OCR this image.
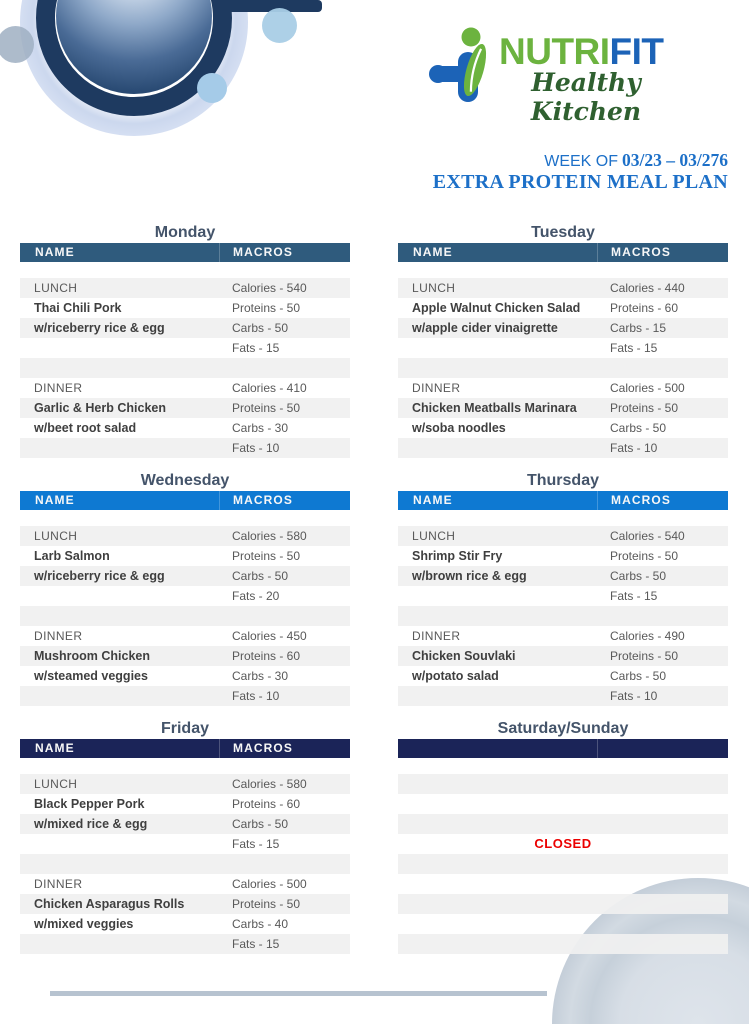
NUTRIFIT
Healthy Kitchen
WEEK OF 03/23 – 03/276
EXTRA PROTEIN MEAL PLAN
Monday
NAME	MACROS
LUNCH	Calories - 540
Thai Chili Pork	Proteins - 50
w/riceberry rice & egg	Carbs - 50
Fats - 15
DINNER	Calories - 410
Garlic & Herb Chicken	Proteins - 50
w/beet root salad	Carbs - 30
Fats - 10
Tuesday
NAME	MACROS
LUNCH	Calories - 440
Apple Walnut Chicken Salad	Proteins - 60
w/apple cider vinaigrette	Carbs - 15
Fats - 15
DINNER	Calories - 500
Chicken Meatballs Marinara	Proteins - 50
w/soba noodles	Carbs - 50
Fats - 10
Wednesday
NAME	MACROS
LUNCH	Calories - 580
Larb Salmon	Proteins - 50
w/riceberry rice & egg	Carbs - 50
Fats - 20
DINNER	Calories - 450
Mushroom Chicken	Proteins - 60
w/steamed veggies	Carbs - 30
Fats - 10
Thursday
NAME	MACROS
LUNCH	Calories - 540
Shrimp Stir Fry	Proteins - 50
w/brown rice & egg	Carbs - 50
Fats - 15
DINNER	Calories - 490
Chicken Souvlaki	Proteins - 50
w/potato salad	Carbs - 50
Fats - 10
Friday
NAME	MACROS
LUNCH	Calories - 580
Black Pepper Pork	Proteins - 60
w/mixed rice & egg	Carbs - 50
Fats - 15
DINNER	Calories - 500
Chicken Asparagus Rolls	Proteins - 50
w/mixed veggies	Carbs - 40
Fats - 15
Saturday/Sunday
CLOSED
